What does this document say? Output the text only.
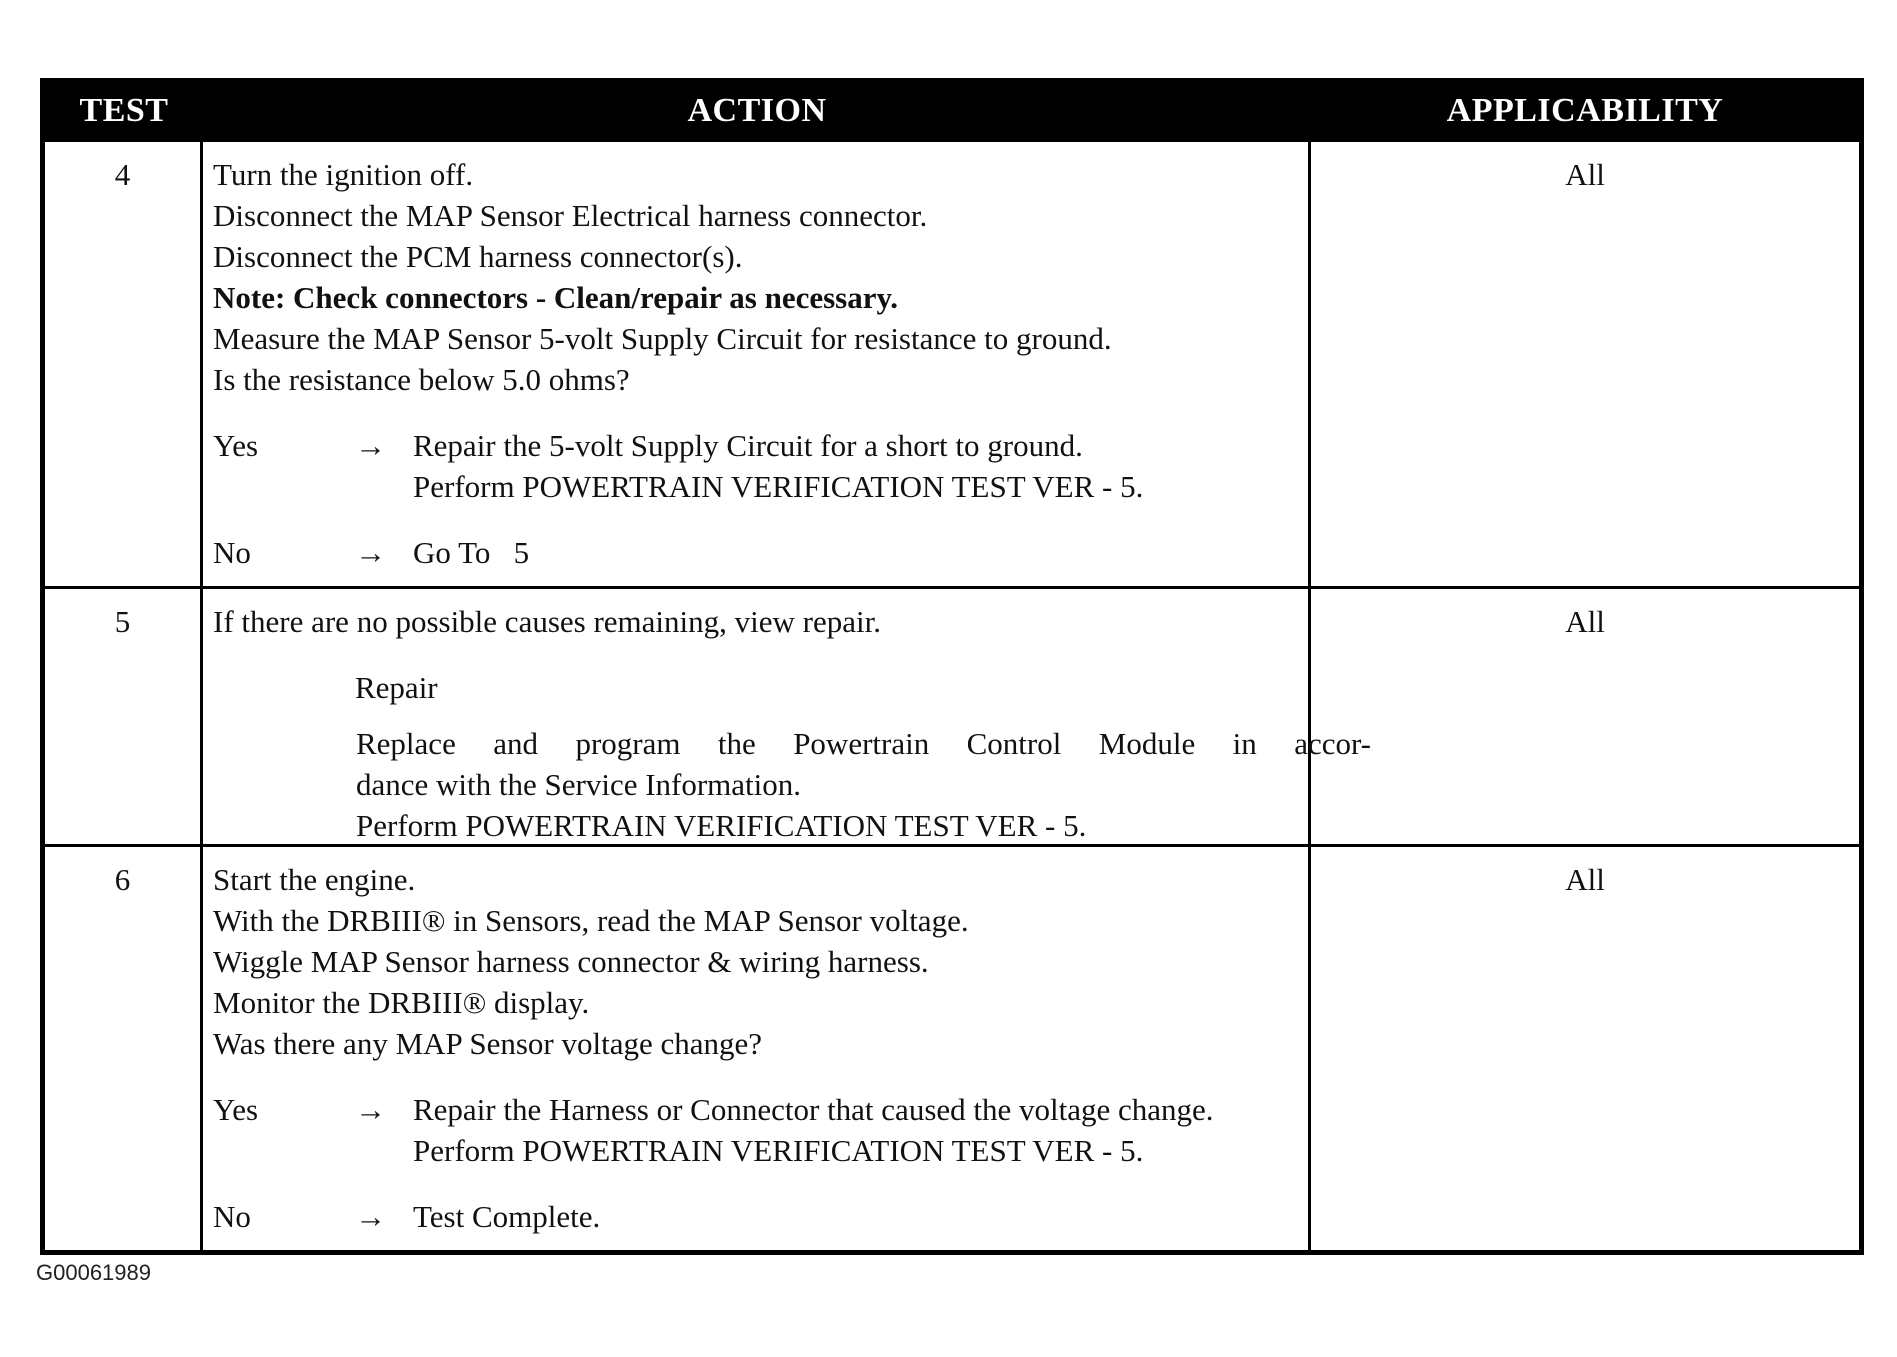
TEST	ACTION	APPLICABILITY
4	Turn the ignition off.
Disconnect the MAP Sensor Electrical harness connector.
Disconnect the PCM harness connector(s).
Note: Check connectors - Clean/repair as necessary.
Measure the MAP Sensor 5-volt Supply Circuit for resistance to ground.
Is the resistance below 5.0 ohms?
Yes	→ Repair the 5-volt Supply Circuit for a short to ground.
Perform POWERTRAIN VERIFICATION TEST VER - 5.
No	→ Go To   5
All
5	If there are no possible causes remaining, view repair.
Repair
Replace and program the Powertrain Control Module in accor-
dance with the Service Information.
Perform POWERTRAIN VERIFICATION TEST VER - 5.
All
6	Start the engine.
With the DRBIII® in Sensors, read the MAP Sensor voltage.
Wiggle MAP Sensor harness connector & wiring harness.
Monitor the DRBIII® display.
Was there any MAP Sensor voltage change?
Yes	→ Repair the Harness or Connector that caused the voltage change.
Perform POWERTRAIN VERIFICATION TEST VER - 5.
No	→ Test Complete.
All
G00061989
